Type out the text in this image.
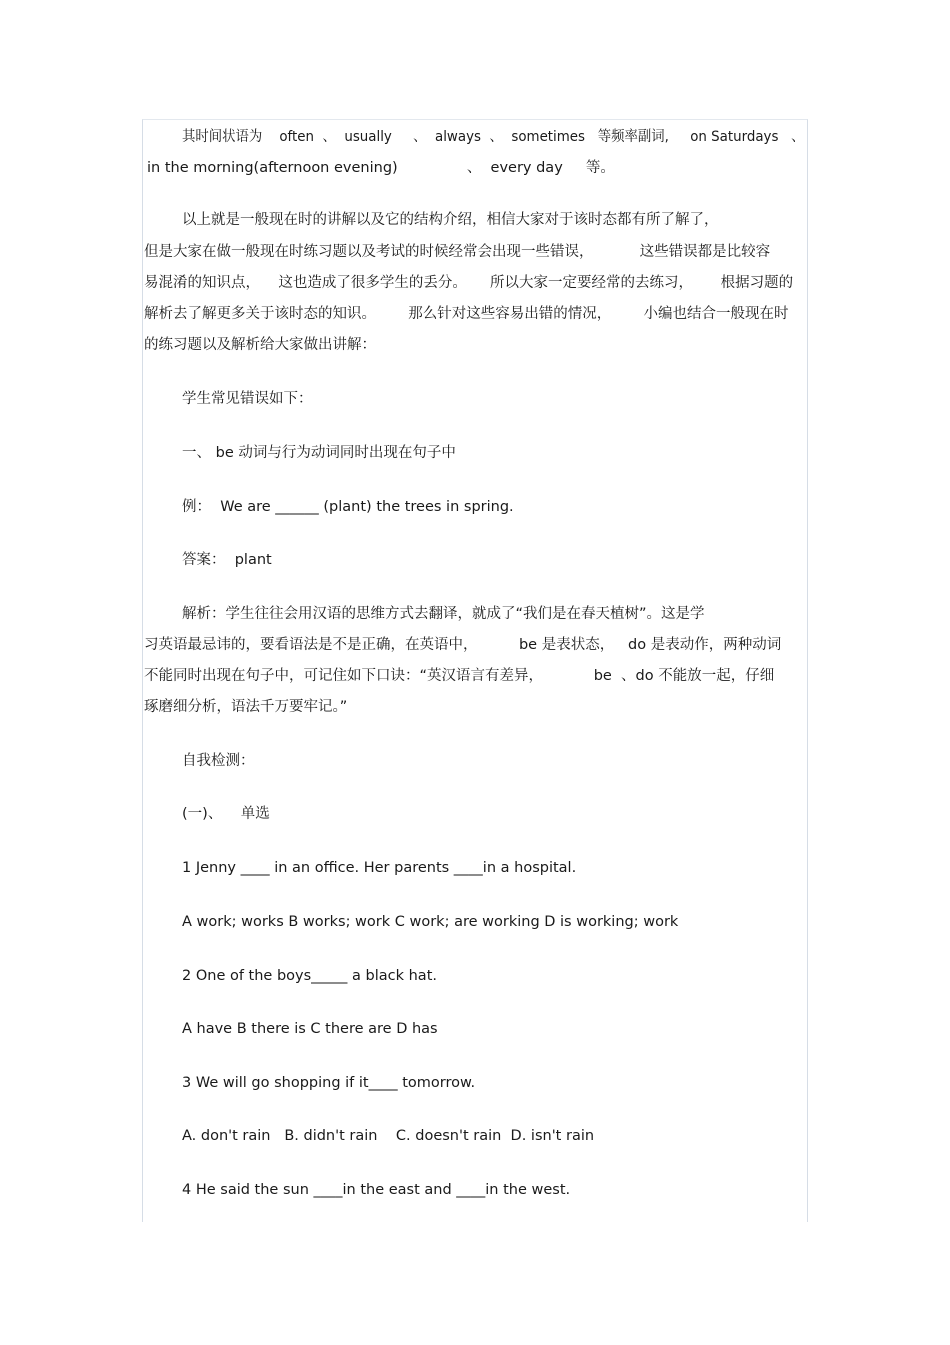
其时间状语为    often  、  usually     、  always  、  sometimes   等频率副词,     on Saturdays   、
in the morning(afternoon evening)               、  every day     等。
以上就是一般现在时的讲解以及它的结构介绍，相信大家对于该时态都有所了解了，
但是大家在做一般现在时练习题以及考试的时候经常会出现一些错误，          这些错误都是比较容
易混淆的知识点，    这也造成了很多学生的丢分。     所以大家一定要经常的去练习，      根据习题的
解析去了解更多关于该时态的知识。       那么针对这些容易出错的情况，       小编也结合一般现在时
的练习题以及解析给大家做出讲解：
学生常见错误如下：
一、 be 动词与行为动词同时出现在句子中
例：  We are ______ (plant) the trees in spring.
答案：  plant
解析：学生往往会用汉语的思维方式去翻译，就成了“我们是在春天植树”。这是学
习英语最忌讳的，要看语法是不是正确，在英语中，         be 是表状态，   do 是表动作，两种动词
不能同时出现在句子中，可记住如下口诀：“英汉语言有差异，           be  、do 不能放一起，仔细
琢磨细分析，语法千万要牢记。”
自我检测：
(一)、    单选
1 Jenny ____ in an office. Her parents ____in a hospital.
A work; works B works; work C work; are working D is working; work
2 One of the boys_____ a black hat.
A have B there is C there are D has
3 We will go shopping if it____ tomorrow.
A. don't rain   B. didn't rain    C. doesn't rain  D. isn't rain
4 He said the sun ____in the east and ____in the west.
